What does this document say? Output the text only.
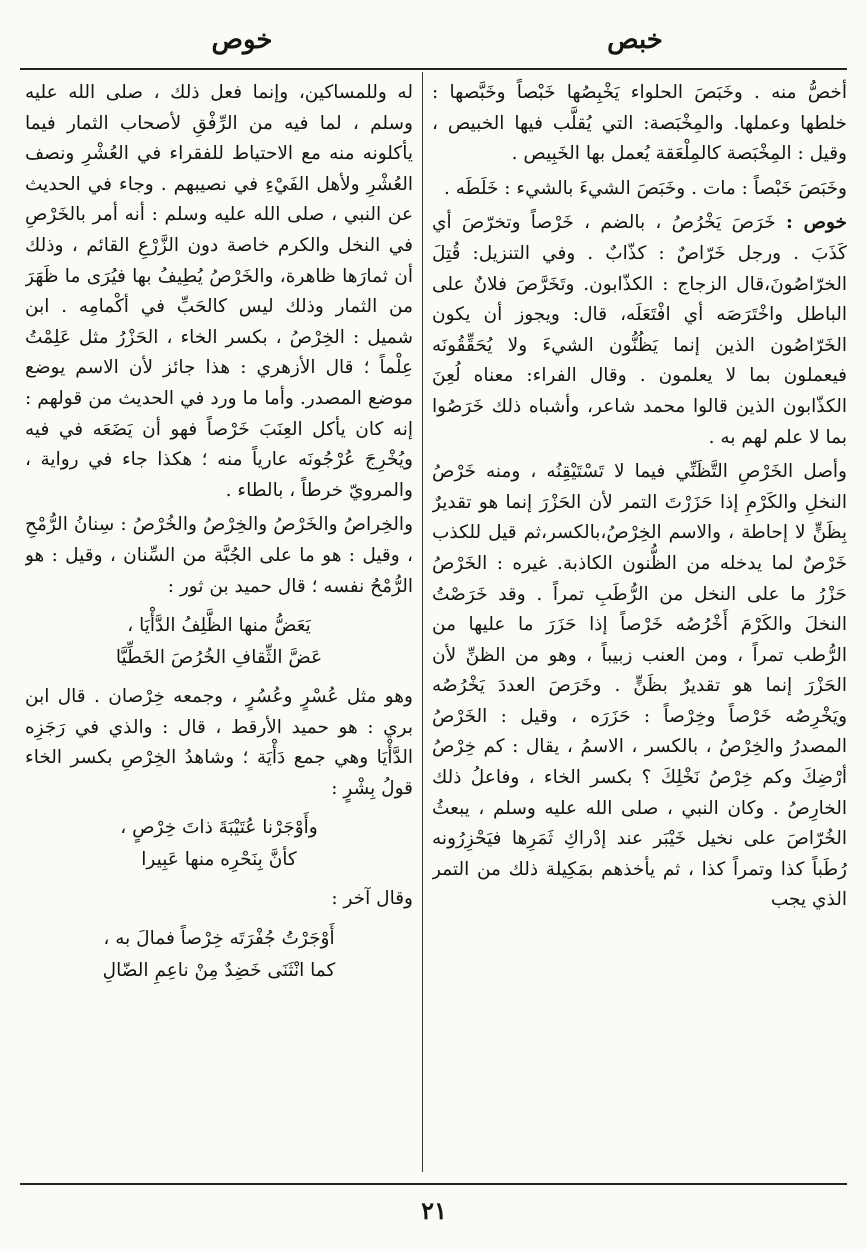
خبص
خوص

أخصُّ منه . وخَبَصَ الحلواء يَخْبِصُها خَبْصاً وخَبَّصها : خلطها وعملها. والمِخْبَصة: التي يُقلَّب فيها الخبيص ، وقيل : المِخْبَصة كالمِلْعَقة يُعمل بها الخَبِيص .

وخَبَصَ خَبْصاً : مات . وخَبَصَ الشيءَ بالشيء : خَلَطَه .

خوص : خَرَصَ يَخْرُصُ ، بالضم ، خَرْصاً وتخرّصَ أي كَذَبَ . ورجل خَرّاصٌ : كذّابٌ . وفي التنزيل: قُتِلَ الخرّاصُونَ،قال الزجاج : الكذّابون. وتَخَرَّصَ فلانٌ على الباطل واخْتَرَصَه أي افْتَعَلَه، قال: ويجوز أن يكون الخَرّاصُون الذين إنما يَظُنُّون الشيءَ ولا يُحَقِّقُونَه فيعملون بما لا يعلمون . وقال الفراء: معناه لُعِنَ الكذّابون الذين قالوا محمد شاعر، وأشباه ذلك خَرَصُوا بما لا علم لهم به .

وأصل الخَرْصِ التَّظَنِّي فيما لا تَسْتَيْقِنُه ، ومنه خَرْصُ النخلِ والكَرْمِ إذا حَزَرْتَ التمر لأن الحَزْرَ إنما هو تقديرٌ بِظَنٍّ لا إحاطة ، والاسم الخِرْصُ،بالكسر،ثم قيل للكذب خَرْصٌ لما يدخله من الظُّنون الكاذبة. غيره : الخَرْصُ حَزْرُ ما على النخل من الرُّطَبِ تمراً . وقد خَرَصْتُ النخلَ والكَرْمَ أَخْرُصُه خَرْصاً إذا حَزَرَ ما عليها من الرُّطب تمراً ، ومن العنب زبيباً ، وهو من الظنِّ لأن الحَزْرَ إنما هو تقديرٌ بظَنٍّ . وخَرَصَ العددَ يَخْرُصُه ويَخْرِصُه خَرْصاً وخِرْصاً : حَزَرَه ، وقيل : الخَرْصُ المصدرُ والخِرْصُ ، بالكسر ، الاسمُ ، يقال : كم خِرْصُ أرْضِكَ وكم خِرْصُ نَخْلِكَ ؟ بكسر الخاء ، وفاعلُ ذلك الخارِصُ . وكان النبي ، صلى الله عليه وسلم ، يبعثُ الخُرّاصَ على نخيل خَيْبَر عند إدْراكِ ثَمَرِها فيَحْزِرُونه رُطَباً كذا وتمراً كذا ، ثم يأخذهم بمَكِيلة ذلك من التمر الذي يجب

له وللمساكين، وإنما فعل ذلك ، صلى الله عليه وسلم ، لما فيه من الرِّفْقِ لأصحاب الثمار فيما يأكلونه منه مع الاحتياط للفقراء في العُشْرِ ونصف العُشْرِ ولأهل الفَيْءِ في نصيبهم . وجاء في الحديث عن النبي ، صلى الله عليه وسلم : أنه أمر بالخَرْصِ في النخل والكرم خاصة دون الزَّرْعِ القائم ، وذلك أن ثمارَها ظاهرة، والخَرْصُ يُطِيفُ بها فيُرَى ما ظَهَرَ من الثمار وذلك ليس كالحَبِّ في أكْمامِه . ابن شميل : الخِرْصُ ، بكسر الخاء ، الحَزْرُ مثل عَلِمْتُ عِلْماً ؛ قال الأزهري : هذا جائز لأن الاسم يوضع موضع المصدر. وأما ما ورد في الحديث من قولهم : إنه كان يأكل العِنَبَ خَرْصاً فهو أن يَضَعَه في فيه ويُخْرِجَ عُرْجُونَه عارياً منه ؛ هكذا جاء في رواية ، والمرويّ خرطاً ، بالطاء .

والخِراصُ والخَرْصُ والخِرْصُ والخُرْصُ : سِنانُ الرُّمْحِ ، وقيل : هو ما على الجُبَّة من السِّنان ، وقيل : هو الرُّمْحُ نفسه ؛ قال حميد بن ثور :

يَعَضُّ منها الظَّلِفُ الدَّأْيَا ،
عَضَّ الثِّقافِ الخُرُصَ الخَطِّيَّا

وهو مثل عُسْرٍ وعُسُرٍ ، وجمعه خِرْصان . قال ابن بري : هو حميد الأرقط ، قال : والذي في رَجَزِه الدَّأْيَا وهي جمع دَأْيَة ؛ وشاهدُ الخِرْصِ بكسر الخاء قولُ بِشْرٍ :

وأَوْجَرْنا عُتَيْبَةَ ذاتَ خِرْصٍ ،
كأنَّ بِنَحْرِه منها عَبِيرا

وقال آخر :

أَوْجَرْتُ جُفْرَتَه خِرْصاً فمالَ به ،
كما انْثَنَى خَضِدٌ مِنْ ناعِمِ الضّالِ
٢١
